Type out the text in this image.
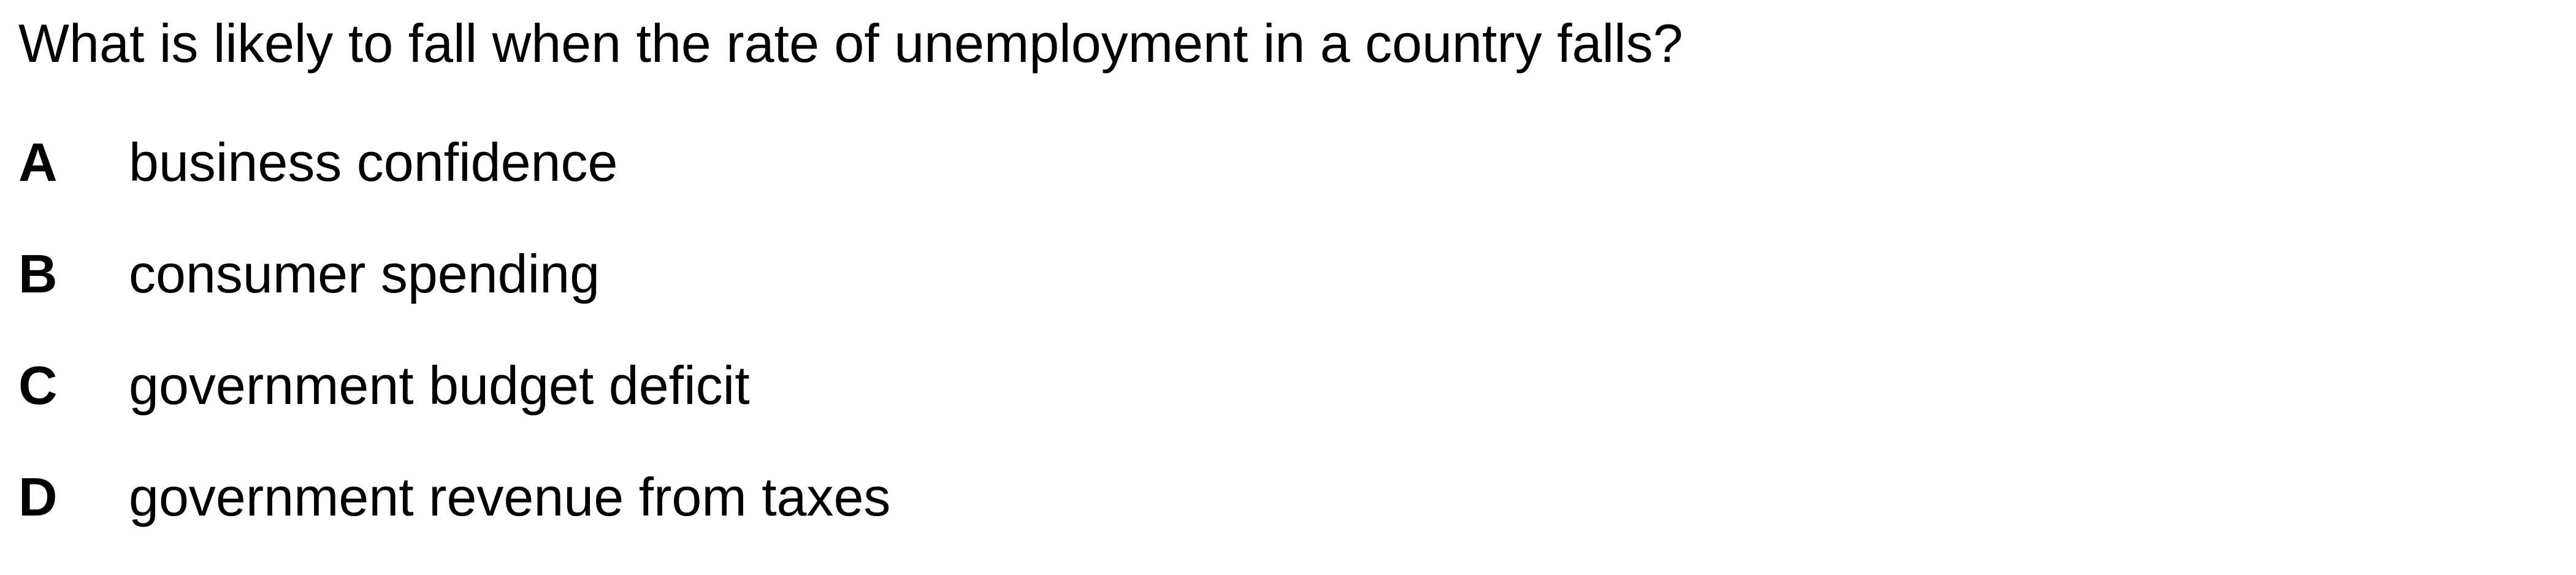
What is likely to fall when the rate of unemployment in a country falls?

A business confidence
B consumer spending
C government budget deficit
D government revenue from taxes
